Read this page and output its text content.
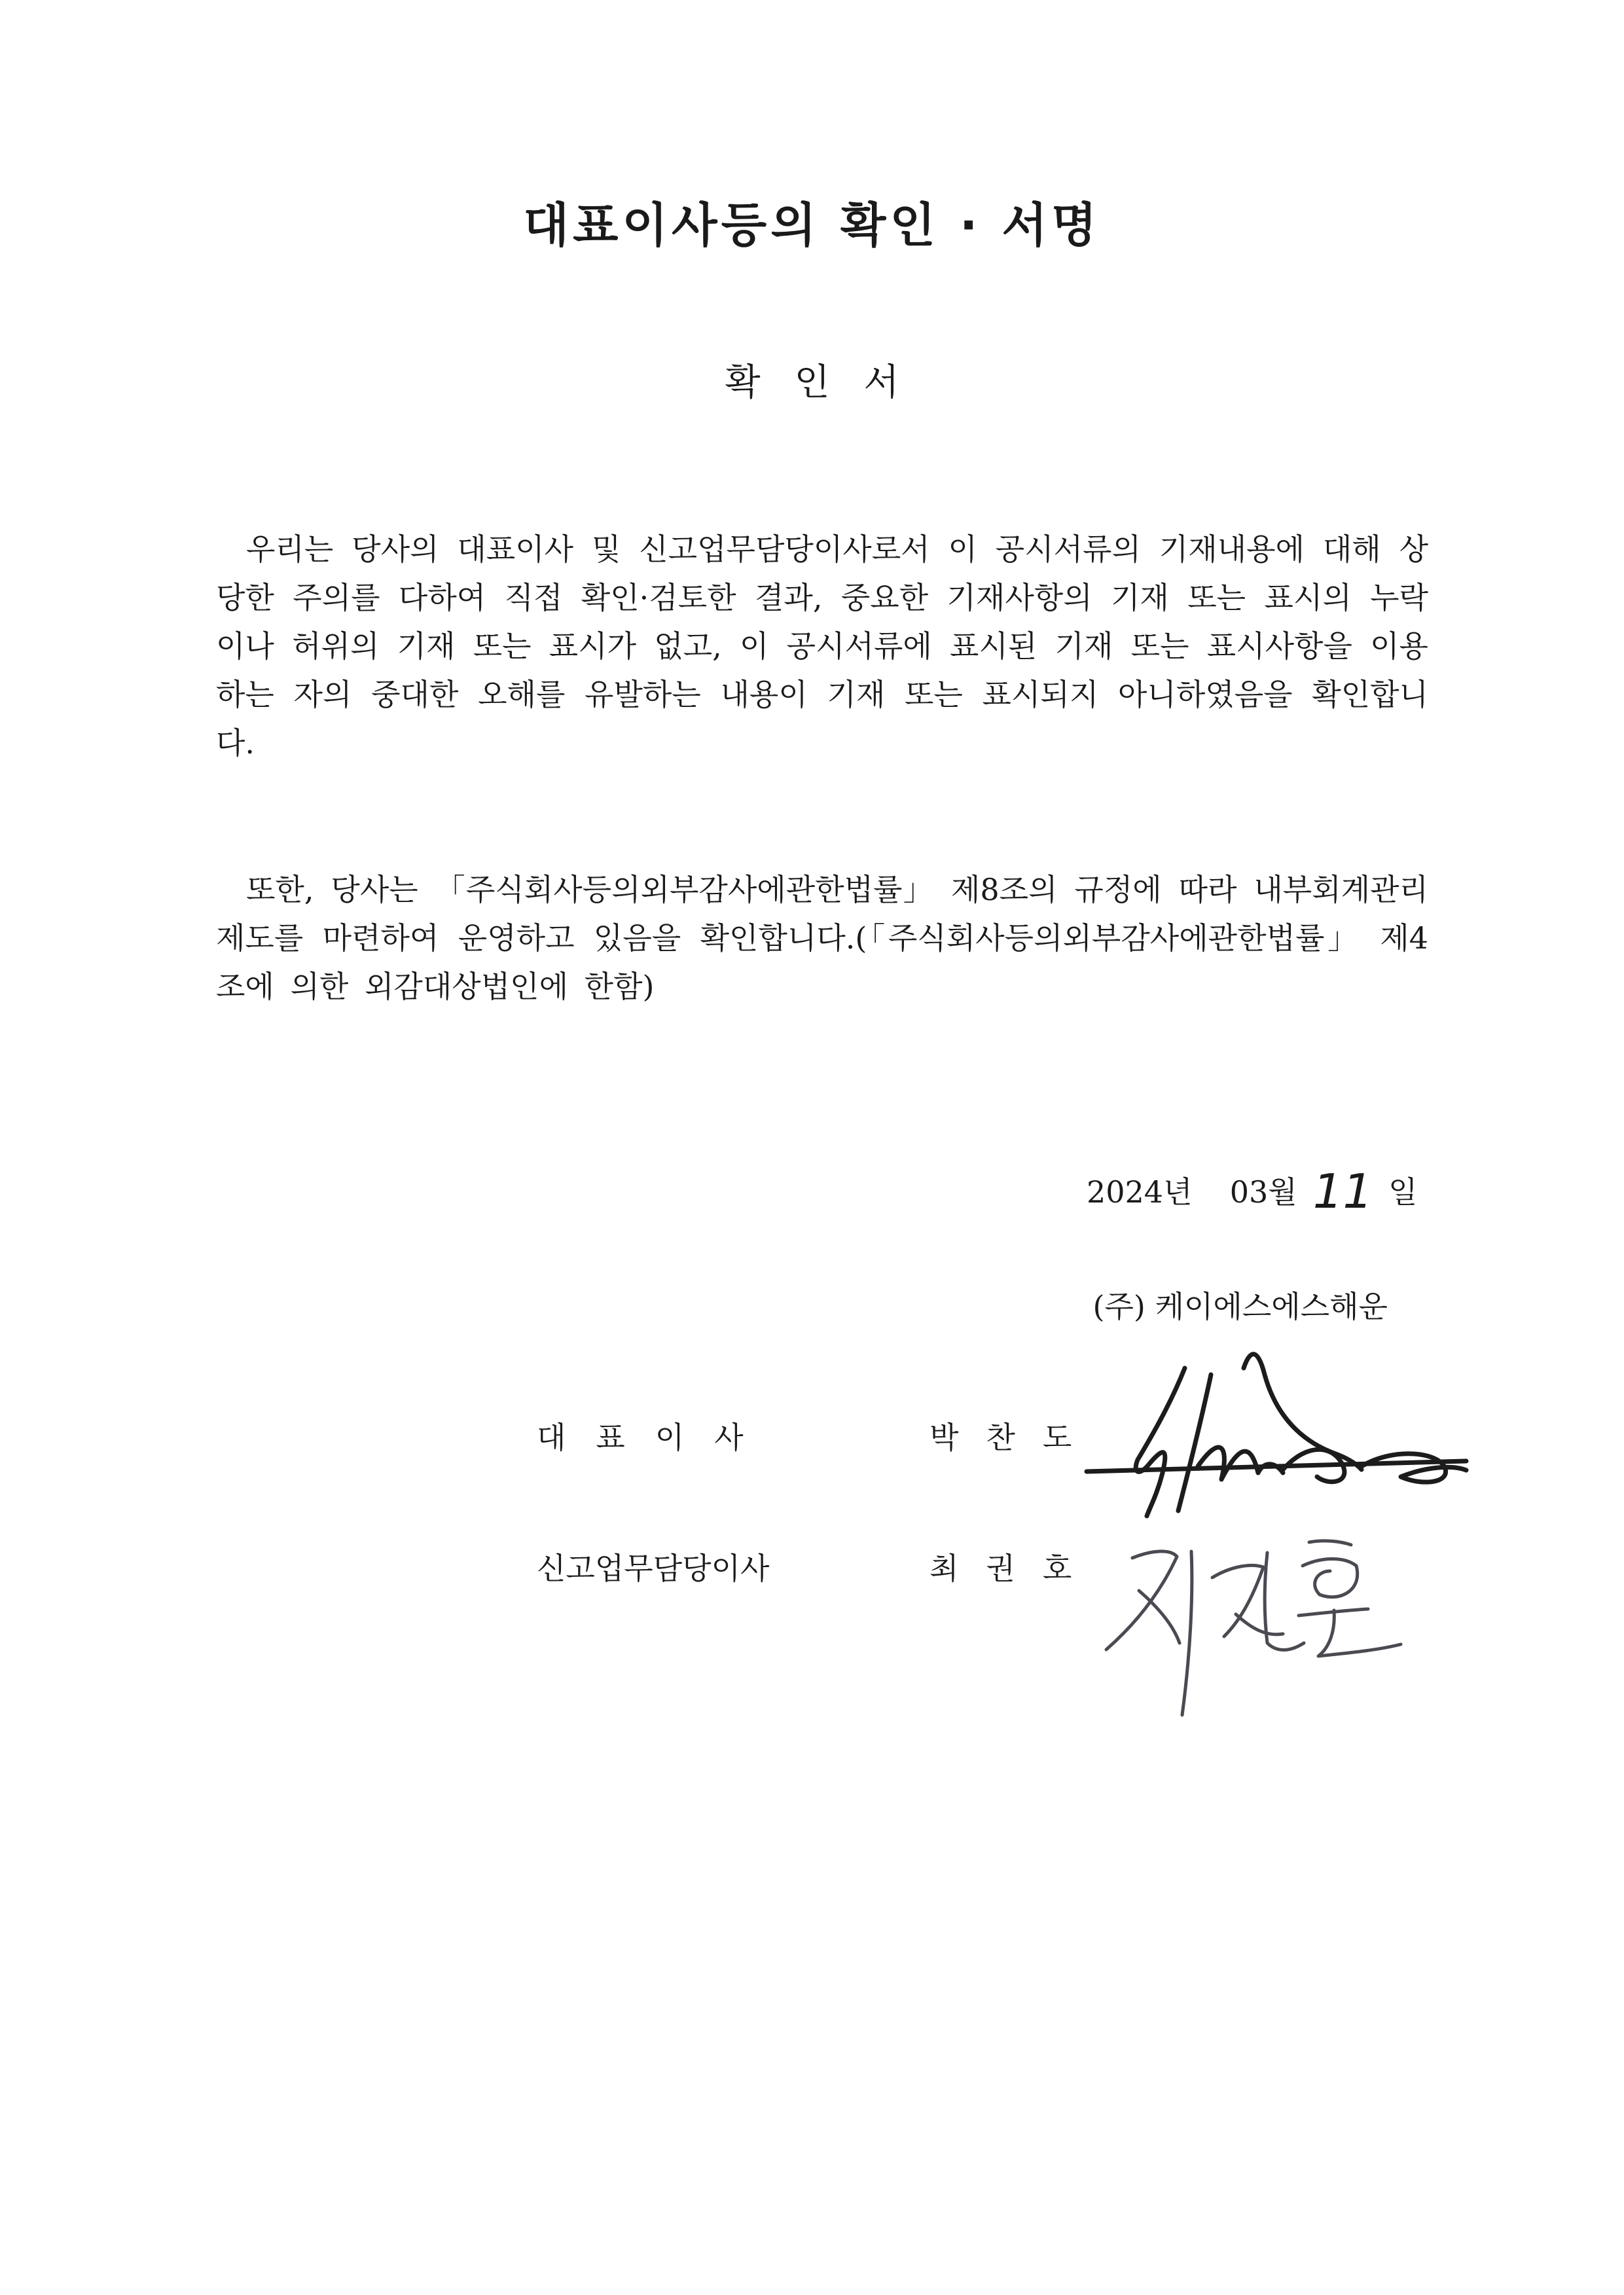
대표이사등의 확인 · 서명
확 인 서

우리는 당사의 대표이사 및 신고업무담당이사로서 이 공시서류의 기재내용에 대해 상당한 주의를 다하여 직접 확인·검토한 결과, 중요한 기재사항의 기재 또는 표시의 누락이나 허위의 기재 또는 표시가 없고, 이 공시서류에 표시된 기재 또는 표시사항을 이용하는 자의 중대한 오해를 유발하는 내용이 기재 또는 표시되지 아니하였음을 확인합니다.

또한, 당사는 「주식회사등의외부감사에관한법률」 제8조의 규정에 따라 내부회계관리제도를 마련하여 운영하고 있음을 확인합니다.(「주식회사등의외부감사에관한법률」 제4조에 의한 외감대상법인에 한함)

2024년 03월 11 일
(주) 케이에스에스해운
대표이사	박찬도
신고업무담당이사	최권호
